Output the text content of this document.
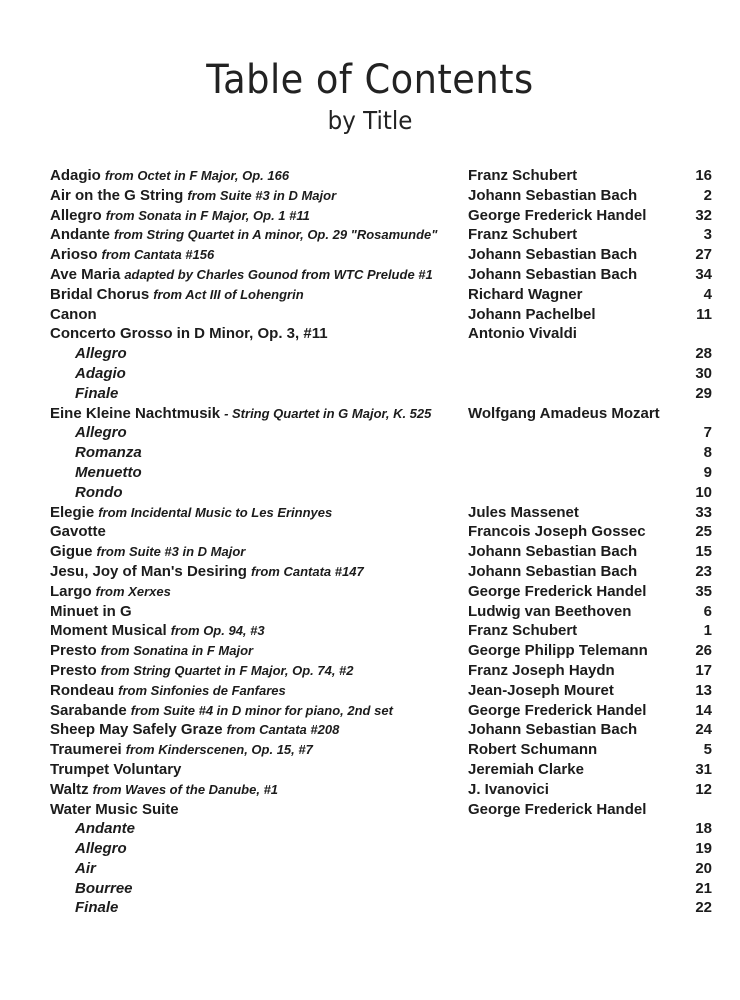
Table of Contents
by Title
Adagio from Octet in F Major, Op. 166	Franz Schubert	16
Air on the G String from Suite #3 in D Major	Johann Sebastian Bach	2
Allegro from Sonata in F Major, Op. 1 #11	George Frederick Handel	32
Andante from String Quartet in A minor, Op. 29 "Rosamunde"	Franz Schubert	3
Arioso from Cantata #156	Johann Sebastian Bach	27
Ave Maria adapted by Charles Gounod from WTC Prelude #1	Johann Sebastian Bach	34
Bridal Chorus from Act III of Lohengrin	Richard Wagner	4
Canon	Johann Pachelbel	11
Concerto Grosso in D Minor, Op. 3, #11	Antonio Vivaldi
Allegro	28
Adagio	30
Finale	29
Eine Kleine Nachtmusik - String Quartet in G Major, K. 525	Wolfgang Amadeus Mozart
Allegro	7
Romanza	8
Menuetto	9
Rondo	10
Elegie from Incidental Music to Les Erinnyes	Jules Massenet	33
Gavotte	Francois Joseph Gossec	25
Gigue from Suite #3 in D Major	Johann Sebastian Bach	15
Jesu, Joy of Man's Desiring from Cantata #147	Johann Sebastian Bach	23
Largo from Xerxes	George Frederick Handel	35
Minuet in G	Ludwig van Beethoven	6
Moment Musical from Op. 94, #3	Franz Schubert	1
Presto from Sonatina in F Major	George Philipp Telemann	26
Presto from String Quartet in F Major, Op. 74, #2	Franz Joseph Haydn	17
Rondeau from Sinfonies de Fanfares	Jean-Joseph Mouret	13
Sarabande from Suite #4 in D minor for piano, 2nd set	George Frederick Handel	14
Sheep May Safely Graze from Cantata #208	Johann Sebastian Bach	24
Traumerei from Kinderscenen, Op. 15, #7	Robert Schumann	5
Trumpet Voluntary	Jeremiah Clarke	31
Waltz from Waves of the Danube, #1	J. Ivanovici	12
Water Music Suite	George Frederick Handel
Andante	18
Allegro	19
Air	20
Bourree	21
Finale	22
